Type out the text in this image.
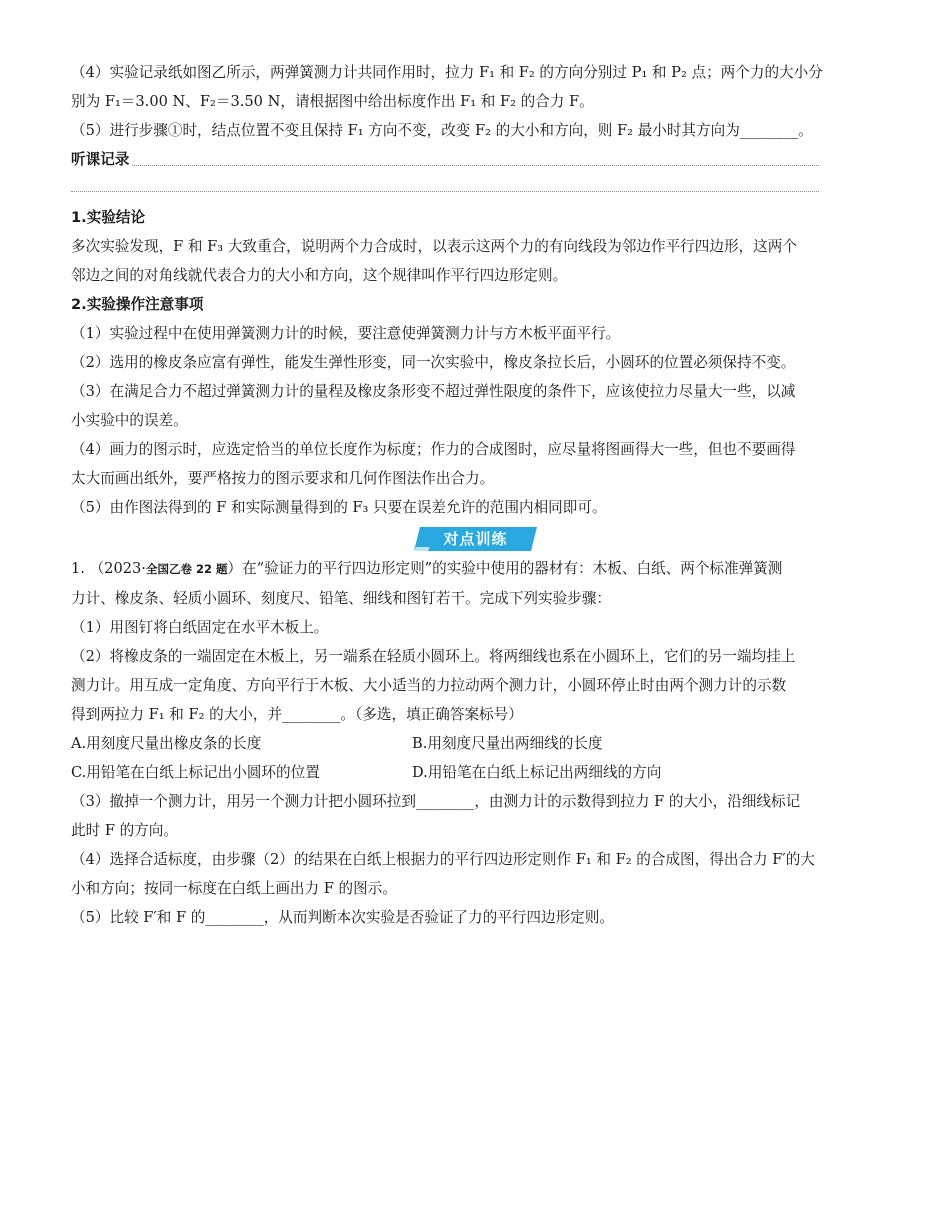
（4）实验记录纸如图乙所示，两弹簧测力计共同作用时，拉力 F₁ 和 F₂ 的方向分别过 P₁ 和 P₂ 点；两个力的大小分

别为 F₁＝3.00 N、F₂＝3.50 N，请根据图中给出标度作出 F₁ 和 F₂ 的合力 F。

（5）进行步骤①时，结点位置不变且保持 F₁ 方向不变，改变 F₂ 的大小和方向，则 F₂ 最小时其方向为________。

听课记录

1.实验结论

多次实验发现，F 和 F₃ 大致重合，说明两个力合成时，以表示这两个力的有向线段为邻边作平行四边形，这两个

邻边之间的对角线就代表合力的大小和方向，这个规律叫作平行四边形定则。

2.实验操作注意事项

（1）实验过程中在使用弹簧测力计的时候，要注意使弹簧测力计与方木板平面平行。

（2）选用的橡皮条应富有弹性，能发生弹性形变，同一次实验中，橡皮条拉长后，小圆环的位置必须保持不变。

（3）在满足合力不超过弹簧测力计的量程及橡皮条形变不超过弹性限度的条件下，应该使拉力尽量大一些，以减

小实验中的误差。

（4）画力的图示时，应选定恰当的单位长度作为标度；作力的合成图时，应尽量将图画得大一些，但也不要画得

太大而画出纸外，要严格按力的图示要求和几何作图法作出合力。

（5）由作图法得到的 F 和实际测量得到的 F₃ 只要在误差允许的范围内相同即可。

对点训练

1. （2023·全国乙卷 22 题）在“验证力的平行四边形定则”的实验中使用的器材有：木板、白纸、两个标准弹簧测

力计、橡皮条、轻质小圆环、刻度尺、铅笔、细线和图钉若干。完成下列实验步骤：

（1）用图钉将白纸固定在水平木板上。

（2）将橡皮条的一端固定在木板上，另一端系在轻质小圆环上。将两细线也系在小圆环上，它们的另一端均挂上

测力计。用互成一定角度、方向平行于木板、大小适当的力拉动两个测力计，小圆环停止时由两个测力计的示数

得到两拉力 F₁ 和 F₂ 的大小，并________。（多选，填正确答案标号）

A.用刻度尺量出橡皮条的长度	B.用刻度尺量出两细线的长度
C.用铅笔在白纸上标记出小圆环的位置	D.用铅笔在白纸上标记出两细线的方向

（3）撤掉一个测力计，用另一个测力计把小圆环拉到________，由测力计的示数得到拉力 F 的大小，沿细线标记

此时 F 的方向。

（4）选择合适标度，由步骤（2）的结果在白纸上根据力的平行四边形定则作 F₁ 和 F₂ 的合成图，得出合力 F′的大

小和方向；按同一标度在白纸上画出力 F 的图示。

（5）比较 F′和 F 的________，从而判断本次实验是否验证了力的平行四边形定则。
